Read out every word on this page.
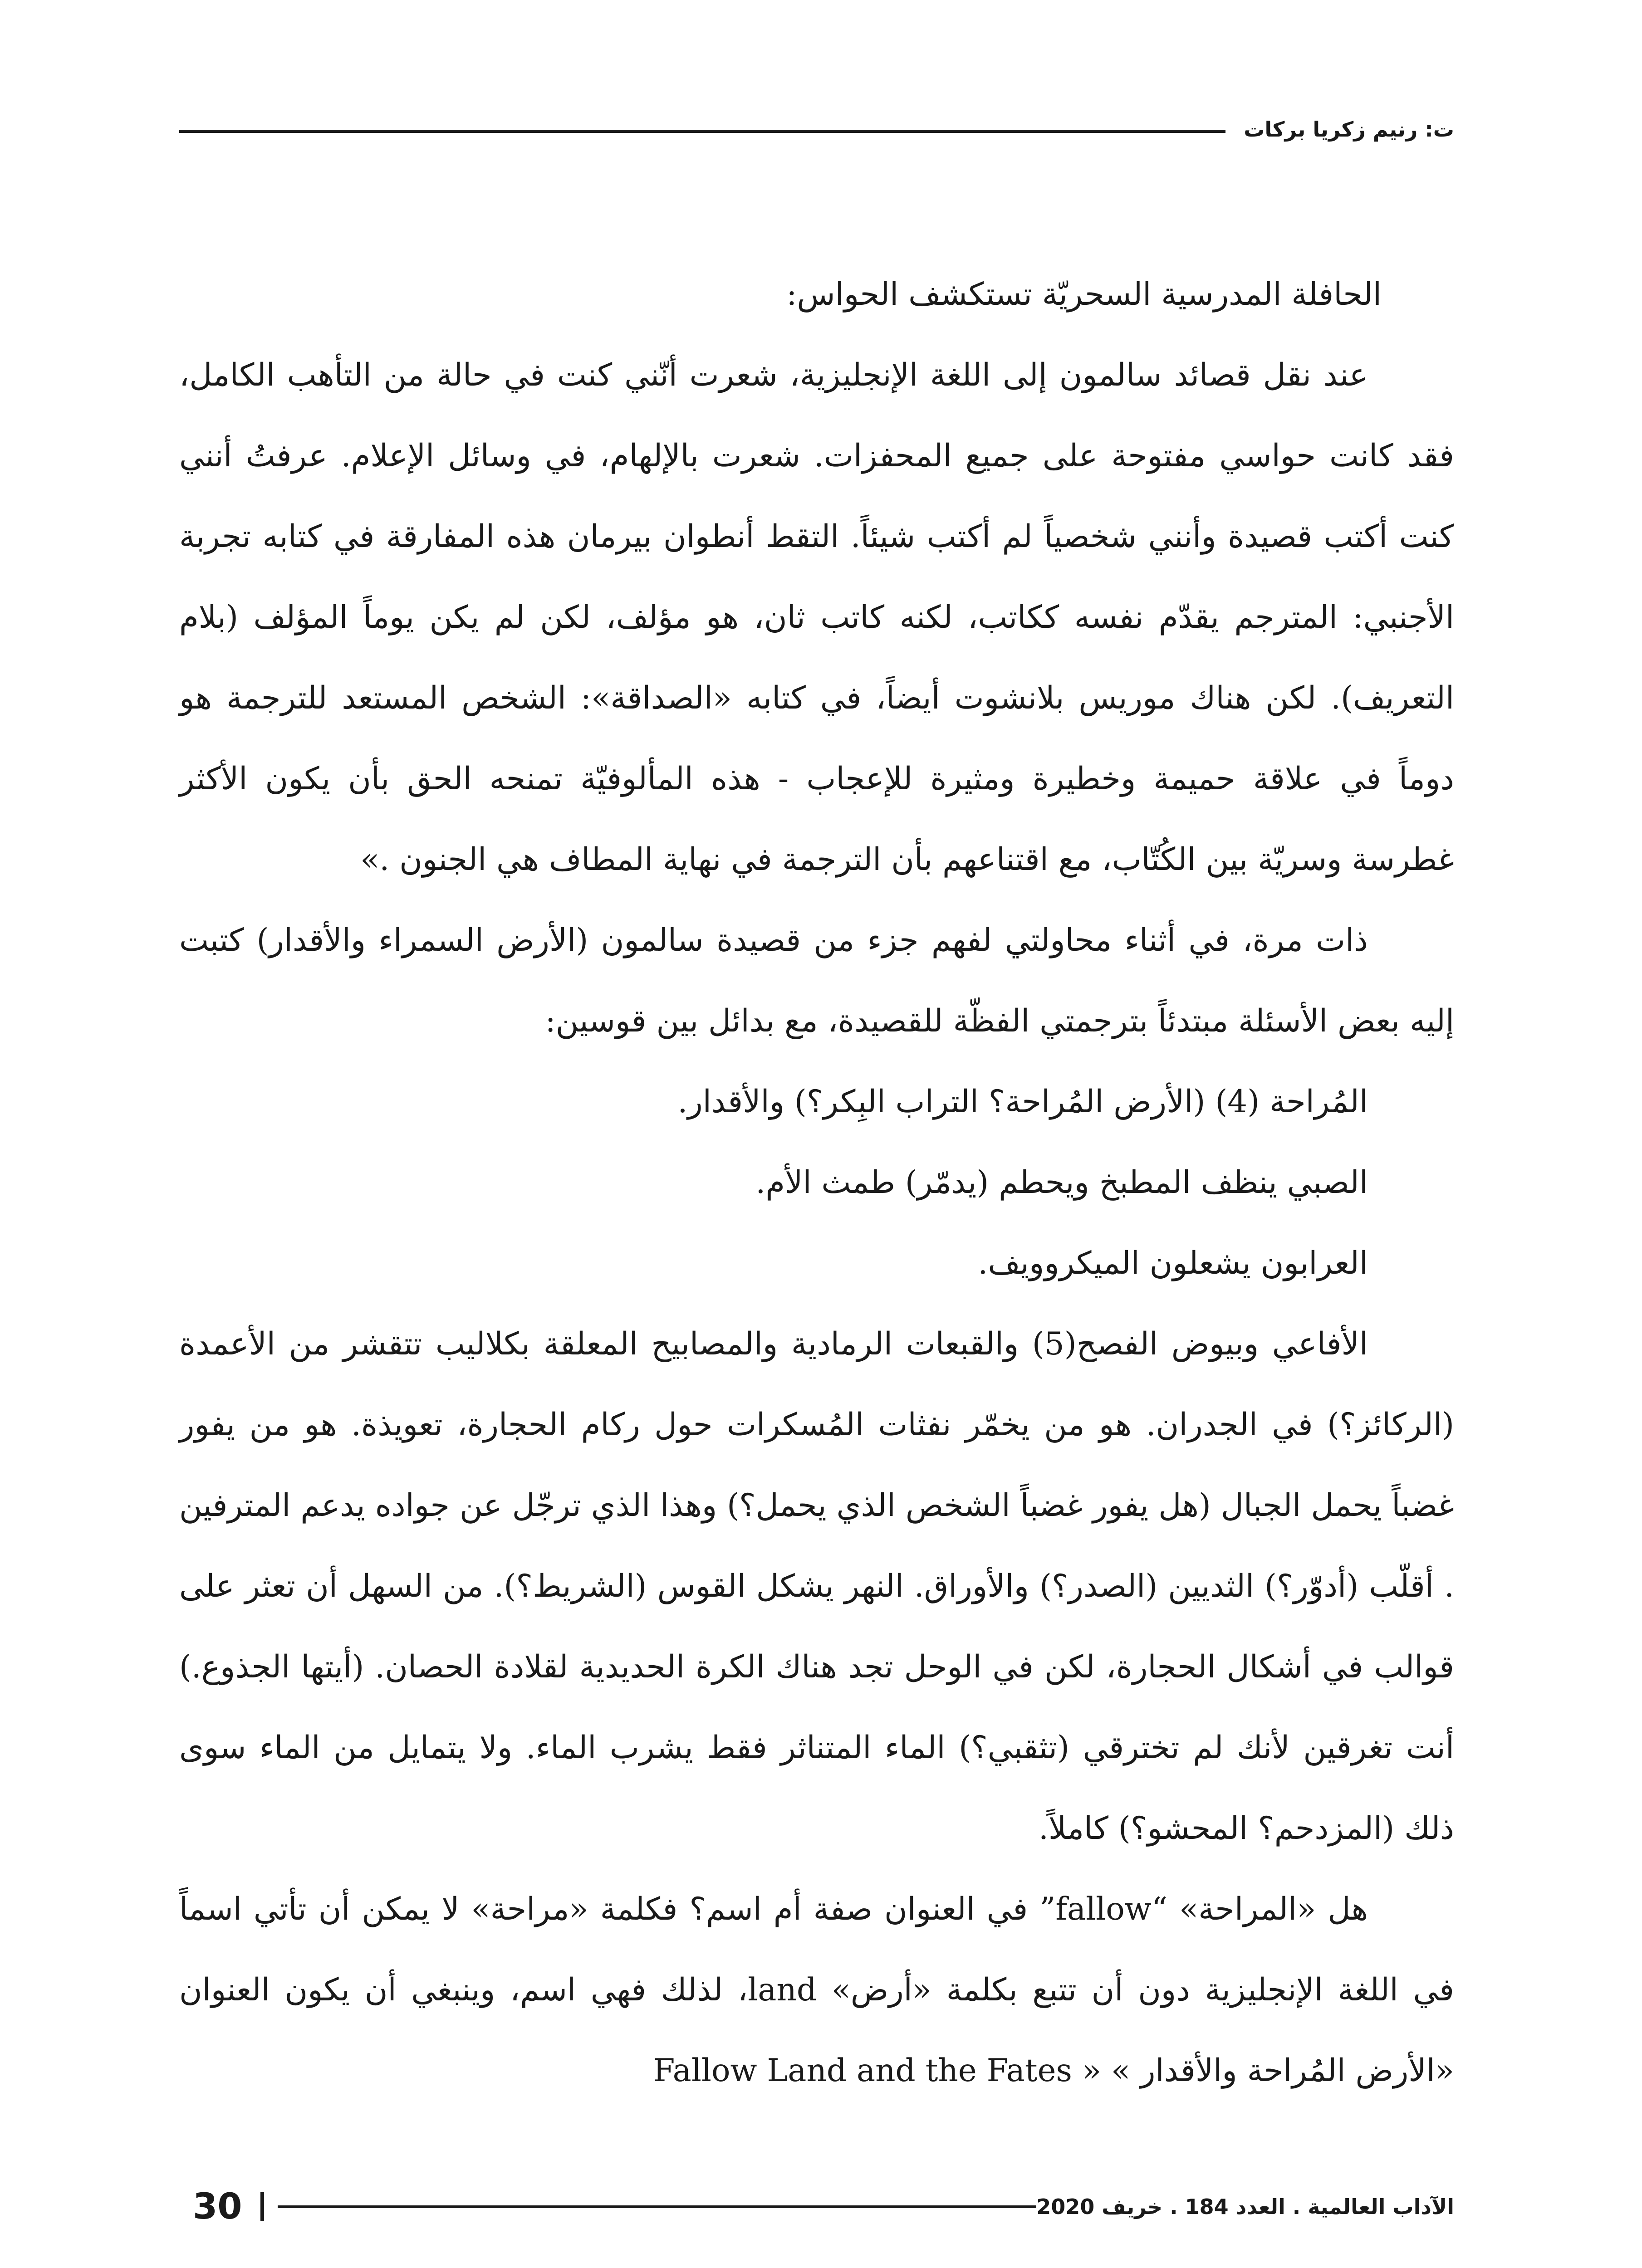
ت: رنيم زكريا بركات

الحافلة المدرسية السحريّة تستكشف الحواس:

عند نقل قصائد سالمون إلى اللغة الإنجليزية، شعرت أنّني كنت في حالة من التأهب الكامل، فقد كانت حواسي مفتوحة على جميع المحفزات. شعرت بالإلهام، في وسائل الإعلام. عرفتُ أنني كنت أكتب قصيدة وأنني شخصياً لم أكتب شيئاً. التقط أنطوان بيرمان هذه المفارقة في كتابه تجربة الأجنبي: المترجم يقدّم نفسه ككاتب، لكنه كاتب ثان، هو مؤلف، لكن لم يكن يوماً المؤلف (بلام التعريف). لكن هناك موريس بلانشوت أيضاً، في كتابه «الصداقة»: الشخص المستعد للترجمة هو دوماً في علاقة حميمة وخطيرة ومثيرة للإعجاب - هذه المألوفيّة تمنحه الحق بأن يكون الأكثر غطرسة وسريّة بين الكُتّاب، مع اقتناعهم بأن الترجمة في نهاية المطاف هي الجنون .»

ذات مرة، في أثناء محاولتي لفهم جزء من قصيدة سالمون (الأرض السمراء والأقدار) كتبت إليه بعض الأسئلة مبتدئاً بترجمتي الفظّة للقصيدة، مع بدائل بين قوسين:

المُراحة (4) (الأرض المُراحة؟ التراب البِكر؟) والأقدار.

الصبي ينظف المطبخ ويحطم (يدمّر) طمث الأم.

العرابون يشعلون الميكروويف.

الأفاعي وبيوض الفصح(5) والقبعات الرمادية والمصابيح المعلقة بكلاليب تتقشر من الأعمدة (الركائز؟) في الجدران. هو من يخمّر نفثات المُسكرات حول ركام الحجارة، تعويذة. هو من يفور غضباً يحمل الجبال (هل يفور غضباً الشخص الذي يحمل؟) وهذا الذي ترجّل عن جواده يدعم المترفين . أقلّب (أدوّر؟) الثديين (الصدر؟) والأوراق. النهر يشكل القوس (الشريط؟). من السهل أن تعثر على قوالب في أشكال الحجارة، لكن في الوحل تجد هناك الكرة الحديدية لقلادة الحصان. (أيتها الجذوع.) أنت تغرقين لأنك لم تخترقي (تثقبي؟) الماء المتناثر فقط يشرب الماء. ولا يتمايل من الماء سوى ذلك (المزدحم؟ المحشو؟) كاملاً.

هل «المراحة» “fallow” في العنوان صفة أم اسم؟ فكلمة «مراحة» لا يمكن أن تأتي اسماً في اللغة الإنجليزية دون أن تتبع بكلمة «أرض» land، لذلك فهي اسم، وينبغي أن يكون العنوان «الأرض المُراحة والأقدار » « Fallow Land and the Fates

الآداب العالمية . العدد 184 . خريف 2020
30
